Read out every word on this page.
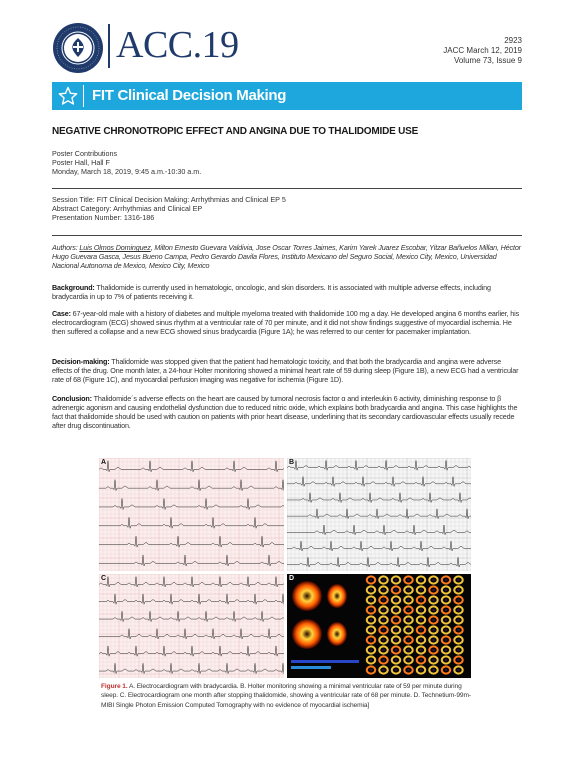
ACC.19	2923
JACC March 12, 2019
Volume 73, Issue 9
FIT Clinical Decision Making
NEGATIVE CHRONOTROPIC EFFECT AND ANGINA DUE TO THALIDOMIDE USE
Poster Contributions
Poster Hall, Hall F
Monday, March 18, 2019, 9:45 a.m.-10:30 a.m.
Session Title: FIT Clinical Decision Making: Arrhythmias and Clinical EP 5
Abstract Category: Arrhythmias and Clinical EP
Presentation Number: 1316-186
Authors: Luis Olmos Dominguez, Milton Ernesto Guevara Valdivia, Jose Oscar Torres Jaimes, Karim Yarek Juarez Escobar, Yitzar Bañuelos Millan, Héctor Hugo Guevara Gasca, Jesus Bueno Campa, Pedro Gerardo Davila Flores, Instituto Mexicano del Seguro Social, Mexico City, Mexico, Universidad Nacional Autonoma de Mexico, Mexico City, Mexico
Background: Thalidomide is currently used in hematologic, oncologic, and skin disorders. It is associated with multiple adverse effects, including bradycardia in up to 7% of patients receiving it.
Case: 67-year-old male with a history of diabetes and multiple myeloma treated with thalidomide 100 mg a day. He developed angina 6 months earlier, his electrocardiogram (ECG) showed sinus rhythm at a ventricular rate of 70 per minute, and it did not show findings suggestive of myocardial ischemia. He then suffered a collapse and a new ECG showed sinus bradycardia (Figure 1A); he was referred to our center for pacemaker implantation.
Decision-making: Thalidomide was stopped given that the patient had hematologic toxicity, and that both the bradycardia and angina were adverse effects of the drug. One month later, a 24-hour Holter monitoring showed a minimal heart rate of 59 during sleep (Figure 1B), a new ECG had a ventricular rate of 68 (Figure 1C), and myocardial perfusion imaging was negative for ischemia (Figure 1D).
Conclusion: Thalidomide´s adverse effects on the heart are caused by tumoral necrosis factor α and interleukin 6 activity, diminishing response to β adrenergic agonism and causing endothelial dysfunction due to reduced nitric oxide, which explains both bradycardia and angina. This case highlights the fact that thalidomide should be used with caution on patients with prior heart disease, underlining that its secondary cardiovascular effects usually recede after drug discontinuation.
A	B
C	D
Figure 1. A. Electrocardiogram with bradycardia. B. Holter monitoring showing a minimal ventricular rate of 59 per minute during sleep. C. Electrocardiogram one month after stopping thalidomide, showing a ventricular rate of 68 per minute. D. Technetium-99m-MIBI Single Photon Emission Computed Tomography with no evidence of myocardial ischemia]
